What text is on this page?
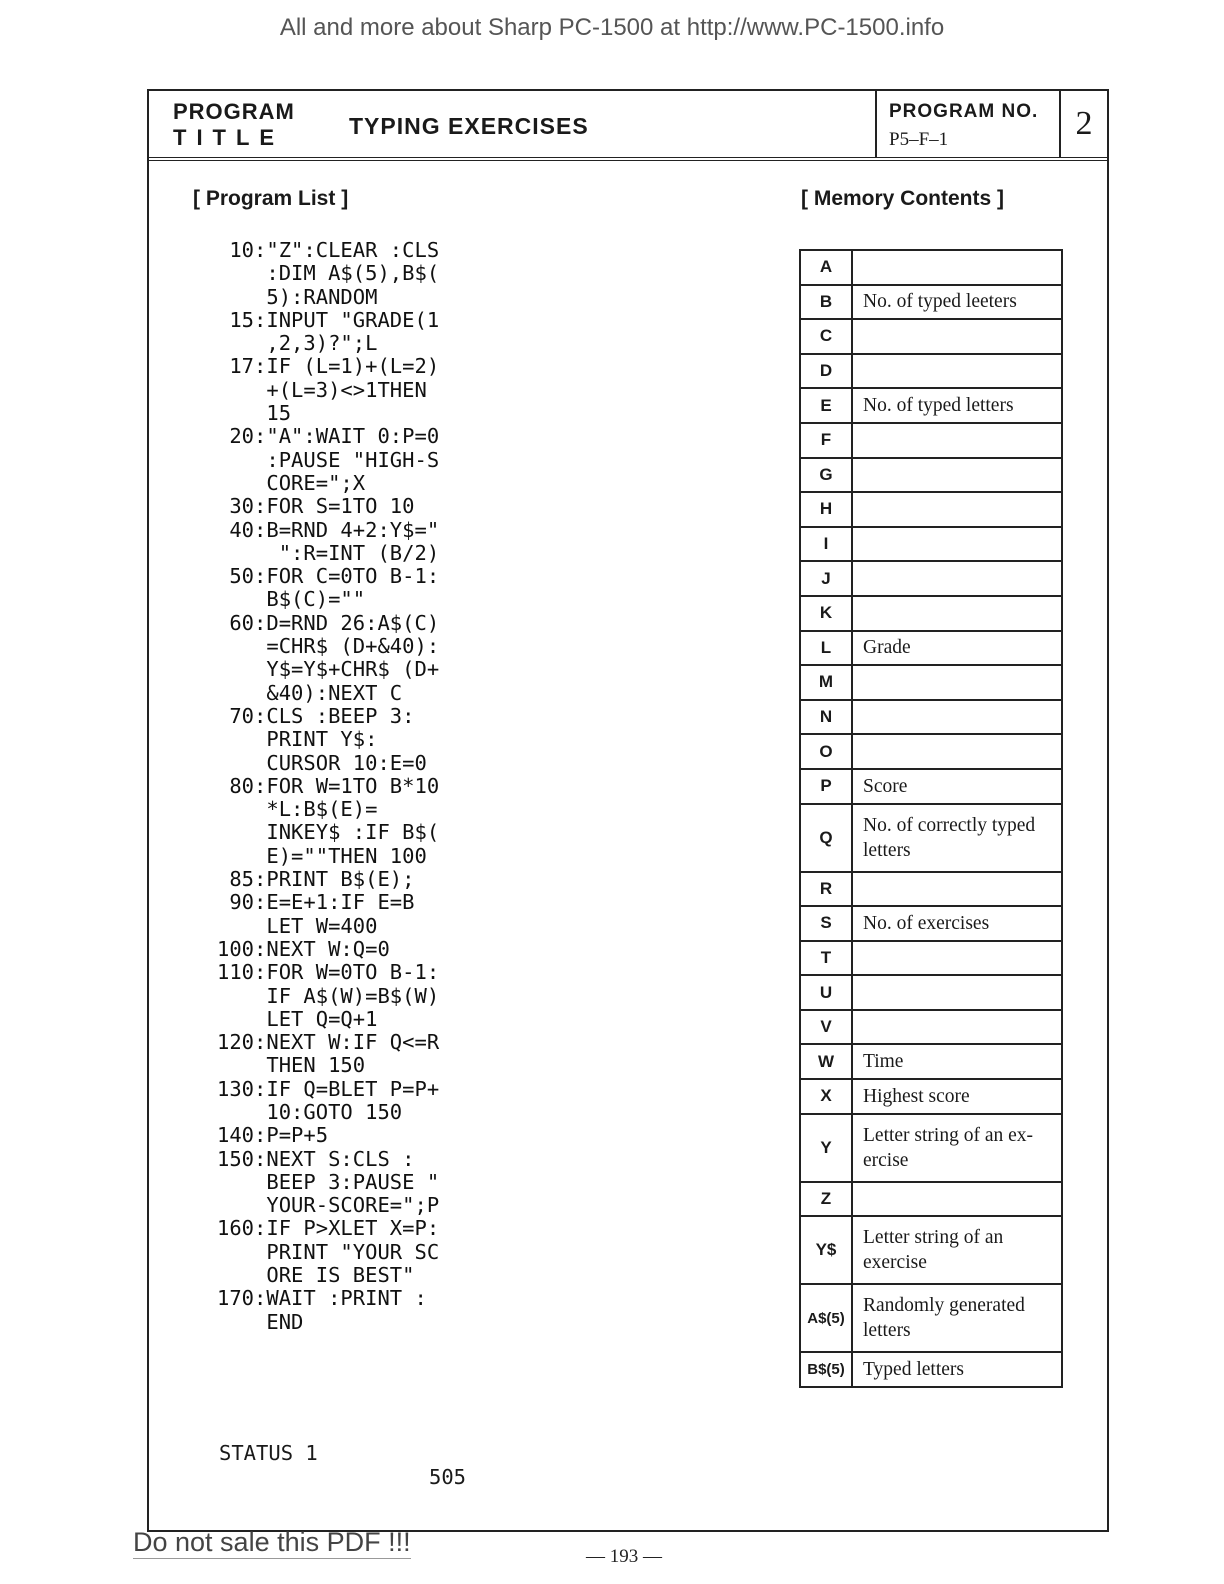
All and more about Sharp PC-1500 at http://www.PC-1500.info
PROGRAM
TITLE	TYPING EXERCISES
PROGRAM NO.
P5–F–1	2
[ Program List ]	[ Memory Contents ]
10:"Z":CLEAR :CLS
:DIM A$(5),B$(
5):RANDOM
15:INPUT "GRADE(1
,2,3)?";L
17:IF (L=1)+(L=2)
+(L=3)<>1THEN
15
20:"A":WAIT 0:P=0
:PAUSE "HIGH-S
CORE=";X
30:FOR S=1TO 10
40:B=RND 4+2:Y$="
":R=INT (B/2)
50:FOR C=0TO B-1:
B$(C)=""
60:D=RND 26:A$(C)
=CHR$ (D+&40):
Y$=Y$+CHR$ (D+
&40):NEXT C
70:CLS :BEEP 3:
PRINT Y$:
CURSOR 10:E=0
80:FOR W=1TO B*10
*L:B$(E)=
INKEY$ :IF B$(
E)=""THEN 100
85:PRINT B$(E);
90:E=E+1:IF E=B
LET W=400
100:NEXT W:Q=0
110:FOR W=0TO B-1:
IF A$(W)=B$(W)
LET Q=Q+1
120:NEXT W:IF Q<=R
THEN 150
130:IF Q=BLET P=P+
10:GOTO 150
140:P=P+5
150:NEXT S:CLS :
BEEP 3:PAUSE "
YOUR-SCORE=";P
160:IF P>XLET X=P:
PRINT "YOUR SC
ORE IS BEST"
170:WAIT :PRINT :
END
STATUS 1
505
A	
B	No. of typed leeters
C	
D	
E	No. of typed letters
F	
G	
H	
I	
J	
K	
L	Grade
M	
N	
O	
P	Score
Q	No. of correctly typed letters
R	
S	No. of exercises
T	
U	
V	
W	Time
X	Highest score
Y	Letter string of an ex-ercise
Z	
Y$	Letter string of an exercise
A$(5)	Randomly generated letters
B$(5)	Typed letters
Do not sale this PDF !!!	— 193 —
